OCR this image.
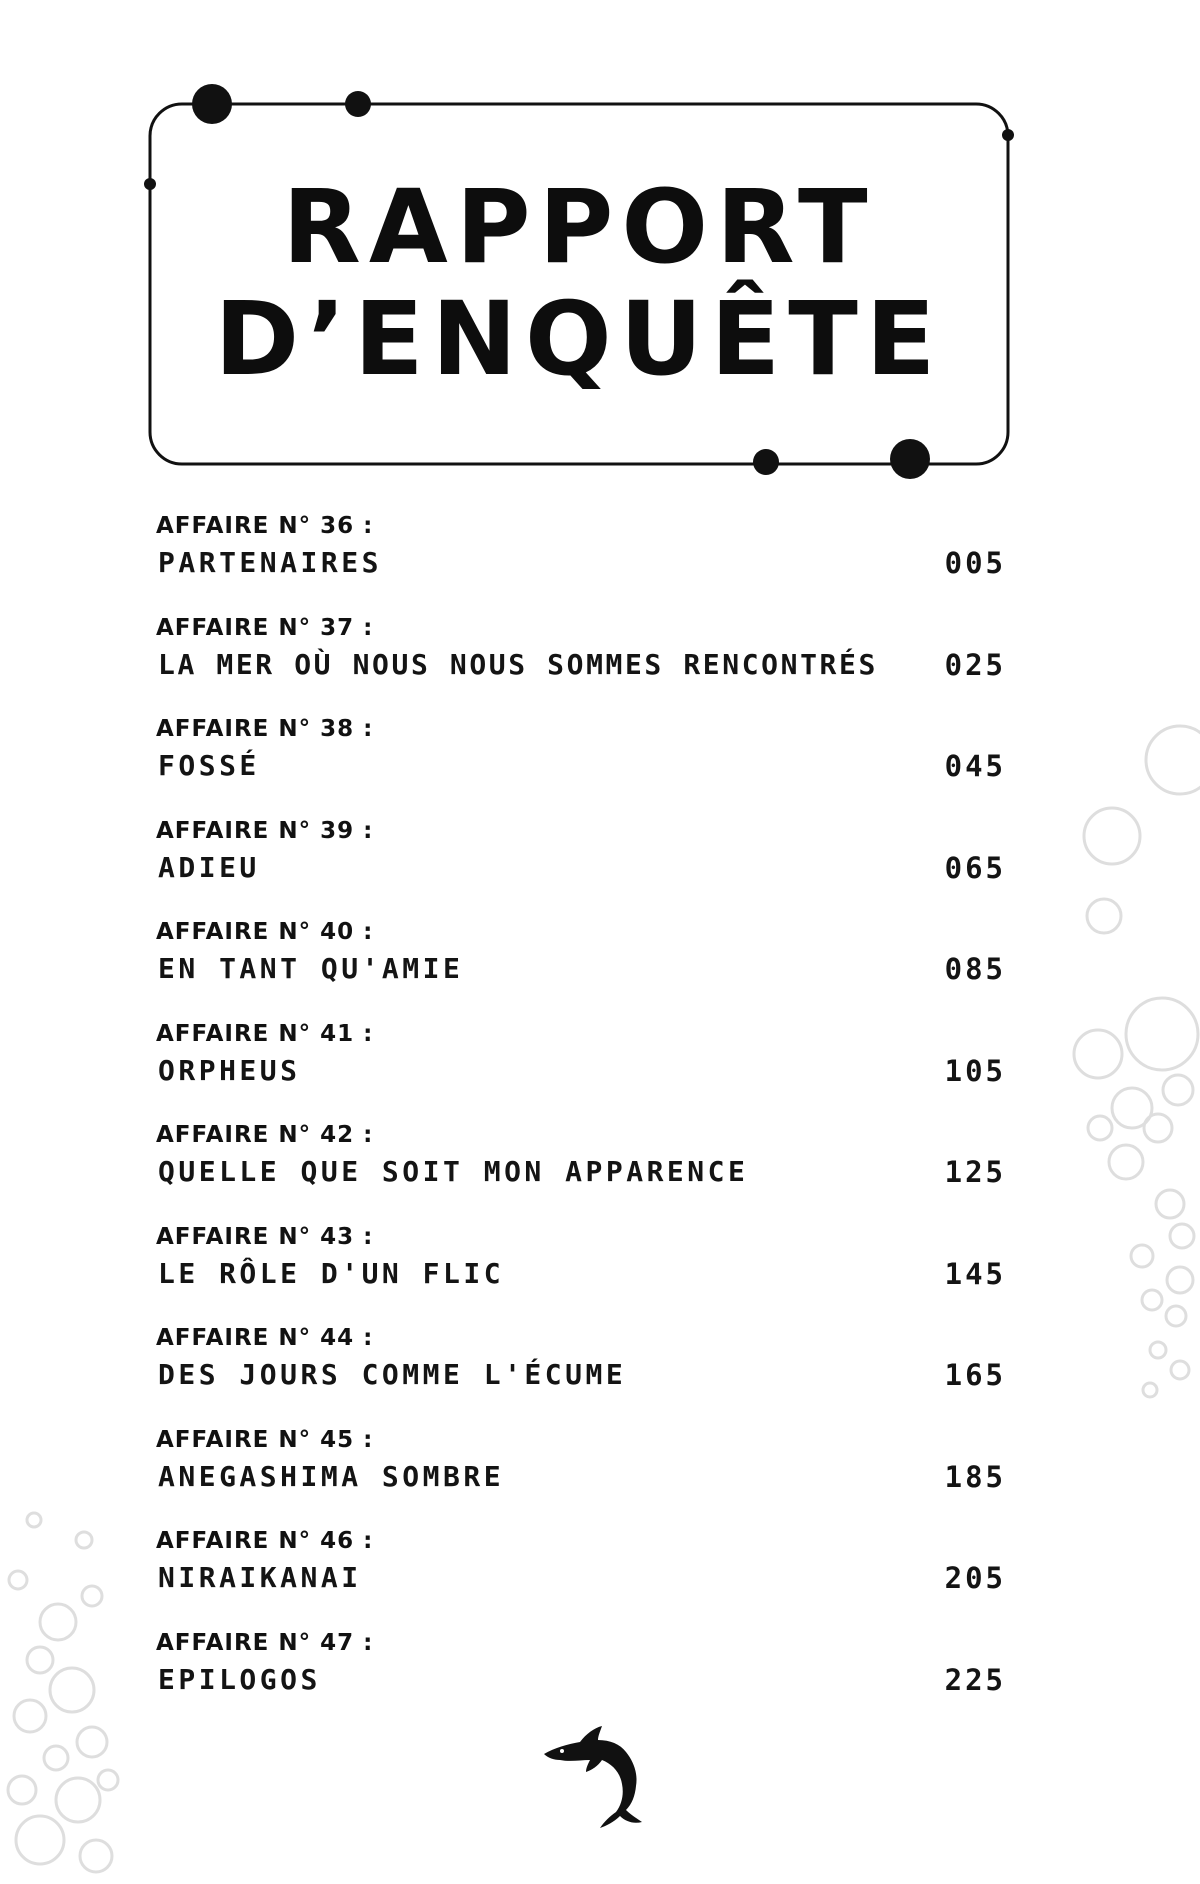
RAPPORT
D’ENQUÊTE
AFFAIRE N° 36 :
PARTENAIRES	005
AFFAIRE N° 37 :
LA MER OÙ NOUS NOUS SOMMES RENCONTRÉS 025
AFFAIRE N° 38 :
FOSSÉ	045
AFFAIRE N° 39 :
ADIEU	065
AFFAIRE N° 40 :
EN TANT QU'AMIE	085
AFFAIRE N° 41 :
ORPHEUS	105
AFFAIRE N° 42 :
QUELLE QUE SOIT MON APPARENCE	125
AFFAIRE N° 43 :
LE RÔLE D'UN FLIC	145
AFFAIRE N° 44 :
DES JOURS COMME L'ÉCUME	165
AFFAIRE N° 45 :
ANEGASHIMA SOMBRE	185
AFFAIRE N° 46 :
NIRAIKANAI	205
AFFAIRE N° 47 :
EPILOGOS	225
